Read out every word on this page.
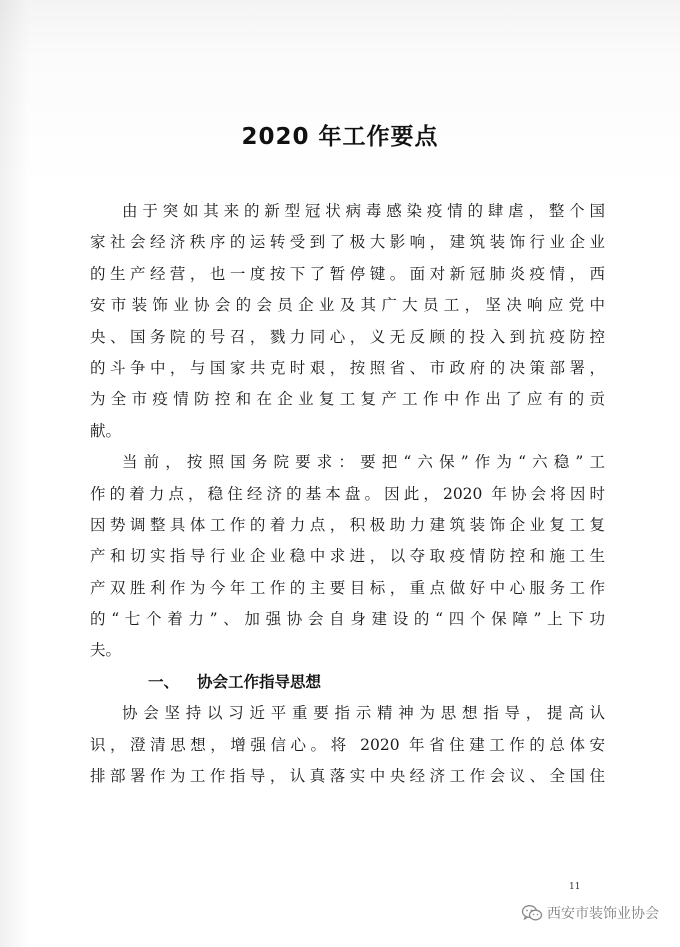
2020 年工作要点
由于突如其来的新型冠状病毒感染疫情的肆虐，整个国
家社会经济秩序的运转受到了极大影响，建筑装饰行业企业
的生产经营，也一度按下了暂停键。面对新冠肺炎疫情，西
安市装饰业协会的会员企业及其广大员工，坚决响应党中
央、国务院的号召，戮力同心，义无反顾的投入到抗疫防控
的斗争中，与国家共克时艰，按照省、市政府的决策部署，
为全市疫情防控和在企业复工复产工作中作出了应有的贡
献。
当前，按照国务院要求：要把“六保”作为“六稳”工
作的着力点，稳住经济的基本盘。因此，2020 年协会将因时
因势调整具体工作的着力点，积极助力建筑装饰企业复工复
产和切实指导行业企业稳中求进，以夺取疫情防控和施工生
产双胜利作为今年工作的主要目标，重点做好中心服务工作
的“七个着力”、加强协会自身建设的“四个保障”上下功
夫。
一、 协会工作指导思想
协会坚持以习近平重要指示精神为思想指导，提高认
识，澄清思想，增强信心。将 2020 年省住建工作的总体安
排部署作为工作指导，认真落实中央经济工作会议、全国住
11
西安市装饰业协会
